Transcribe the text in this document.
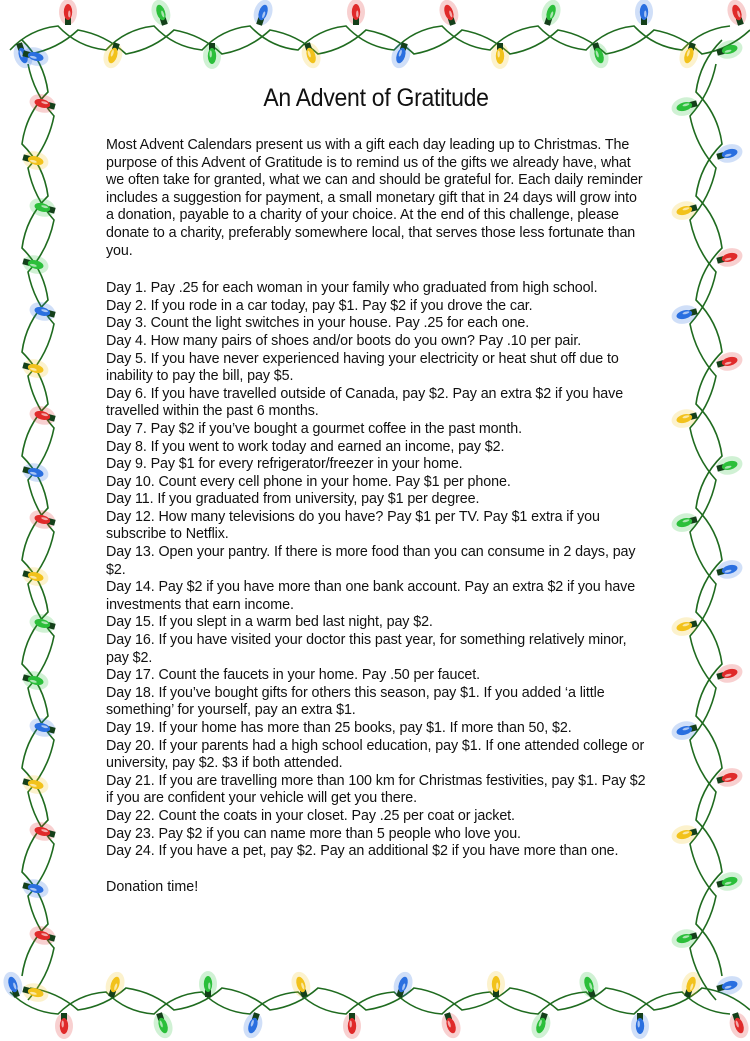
An Advent of Gratitude

Most Advent Calendars present us with a gift each day leading up to Christmas. The purpose of this Advent of Gratitude is to remind us of the gifts we already have, what we often take for granted, what we can and should be grateful for. Each daily reminder includes a suggestion for payment, a small monetary gift that in 24 days will grow into a donation, payable to a charity of your choice. At the end of this challenge, please donate to a charity, preferably somewhere local, that serves those less fortunate than you.

Day 1. Pay .25 for each woman in your family who graduated from high school.
Day 2. If you rode in a car today, pay $1. Pay $2 if you drove the car.
Day 3. Count the light switches in your house. Pay .25 for each one.
Day 4. How many pairs of shoes and/or boots do you own? Pay .10 per pair.
Day 5. If you have never experienced having your electricity or heat shut off due to inability to pay the bill, pay $5.
Day 6. If you have travelled outside of Canada, pay $2. Pay an extra $2 if you have travelled within the past 6 months.
Day 7. Pay $2 if you’ve bought a gourmet coffee in the past month.
Day 8. If you went to work today and earned an income, pay $2.
Day 9. Pay $1 for every refrigerator/freezer in your home.
Day 10. Count every cell phone in your home. Pay $1 per phone.
Day 11. If you graduated from university, pay $1 per degree.
Day 12. How many televisions do you have? Pay $1 per TV. Pay $1 extra if you subscribe to Netflix.
Day 13. Open your pantry. If there is more food than you can consume in 2 days, pay $2.
Day 14. Pay $2 if you have more than one bank account. Pay an extra $2 if you have investments that earn income.
Day 15. If you slept in a warm bed last night, pay $2.
Day 16. If you have visited your doctor this past year, for something relatively minor, pay $2.
Day 17. Count the faucets in your home. Pay .50 per faucet.
Day 18. If you’ve bought gifts for others this season, pay $1. If you added ‘a little something’ for yourself, pay an extra $1.
Day 19. If your home has more than 25 books, pay $1. If more than 50, $2.
Day 20. If your parents had a high school education, pay $1. If one attended college or university, pay $2. $3 if both attended.
Day 21. If you are travelling more than 100 km for Christmas festivities, pay $1. Pay $2 if you are confident your vehicle will get you there.
Day 22. Count the coats in your closet. Pay .25 per coat or jacket.
Day 23. Pay $2 if you can name more than 5 people who love you.
Day 24. If you have a pet, pay $2. Pay an additional $2 if you have more than one.
Donation time!
